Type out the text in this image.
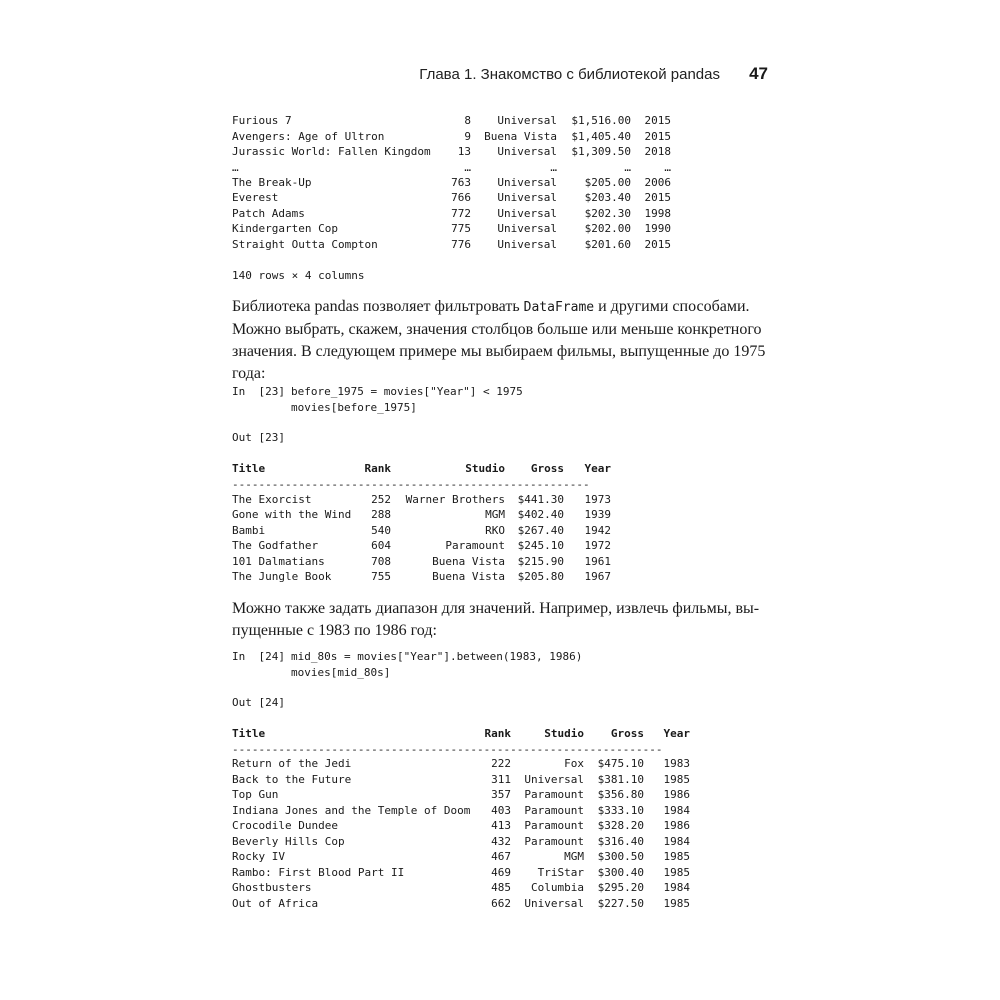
Глава 1. Знакомство с библиотекой pandas 47
Furious 7	8	Universal	$1,516.00	2015
Avengers: Age of Ultron	9	Buena Vista	$1,405.40	2015
Jurassic World: Fallen Kingdom	13	Universal	$1,309.50	2018
…	…	…	…	…
The Break-Up	763	Universal	$205.00	2006
Everest	766	Universal	$203.40	2015
Patch Adams	772	Universal	$202.30	1998
Kindergarten Cop	775	Universal	$202.00	1990
Straight Outta Compton	776	Universal	$201.60	2015
140 rows × 4 columns
Библиотека pandas позволяет фильтровать DataFrame и другими способами. Можно выбрать, скажем, значения столбцов больше или меньше конкретного значения. В следующем примере мы выбираем фильмы, выпущенные до 1975 года:
In  [23] before_1975 = movies["Year"] < 1975
movies[before_1975]
Out [23]
Title	Rank	Studio	Gross	Year
------------------------------------------------------
The Exorcist	252	Warner Brothers	$441.30	1973
Gone with the Wind	288	MGM	$402.40	1939
Bambi	540	RKO	$267.40	1942
The Godfather	604	Paramount	$245.10	1972
101 Dalmatians	708	Buena Vista	$215.90	1961
The Jungle Book	755	Buena Vista	$205.80	1967
Можно также задать диапазон для значений. Например, извлечь фильмы, выпущенные с 1983 по 1986 год:
In  [24] mid_80s = movies["Year"].between(1983, 1986)
movies[mid_80s]
Out [24]
Title	Rank	Studio	Gross	Year
-----------------------------------------------------------------
Return of the Jedi	222	Fox	$475.10	1983
Back to the Future	311	Universal	$381.10	1985
Top Gun	357	Paramount	$356.80	1986
Indiana Jones and the Temple of Doom	403	Paramount	$333.10	1984
Crocodile Dundee	413	Paramount	$328.20	1986
Beverly Hills Cop	432	Paramount	$316.40	1984
Rocky IV	467	MGM	$300.50	1985
Rambo: First Blood Part II	469	TriStar	$300.40	1985
Ghostbusters	485	Columbia	$295.20	1984
Out of Africa	662	Universal	$227.50	1985
